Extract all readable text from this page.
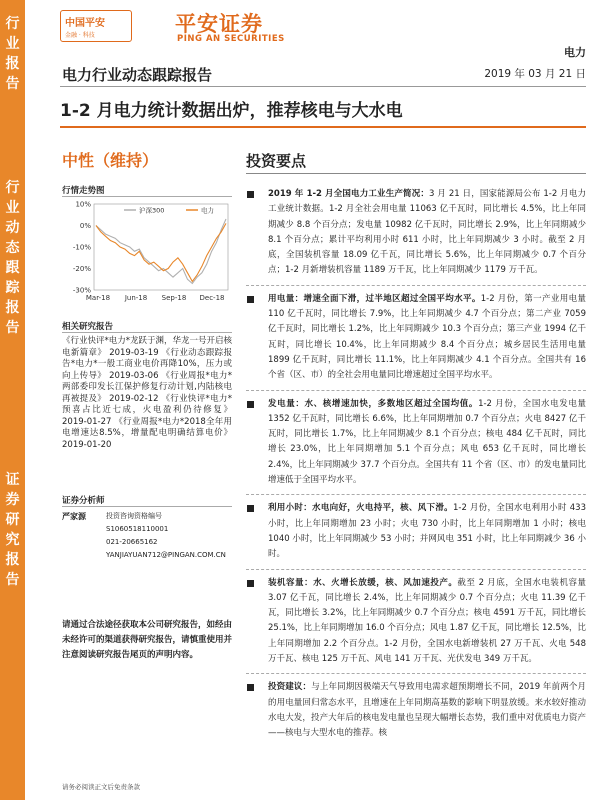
行
业
报
告
行
业
动
态
跟
踪
报
告
证
券
研
究
报
告
中国平安
金融 · 科技	平安证券
PING AN SECURITIES
电力
电力行业动态跟踪报告	2019 年 03 月 21 日
1-2 月电力统计数据出炉，推荐核电与大水电
中性（维持）
行情走势图
10%
0%
-10%
-20%
-30%
Mar-18 Jun-18 Sep-18 Dec-18
沪深300	电力
相关研究报告

《行业快评*电力*龙跃于渊，华龙一号开启核电新篇章》 2019-03-19 《行业动态跟踪报告*电力*一般工商业电价再降10%，压力或向上传导》 2019-03-06 《行业周报*电力*两部委印发长江保护修复行动计划,内陆核电再被提及》 2019-02-12 《行业快评*电力*预喜占比近七成，火电盈利仍待修复》 2019-01-27 《行业周报*电力*2018全年用电增速达8.5%，增量配电明确结算电价》 2019-01-20

证券分析师
严家源	投资咨询资格编号
S1060518110001
021-20665162
YANJIAYUAN712@PINGAN.COM.CN
请通过合法途径获取本公司研究报告，如经由未经许可的渠道获得研究报告，请慎重使用并注意阅读研究报告尾页的声明内容。
投资要点
2019 年 1-2 月全国电力工业生产简况：3 月 21 日，国家能源局公布 1-2 月电力工业统计数据。1-2 月全社会用电量 11063 亿千瓦时，同比增长 4.5%，比上年同期减少 8.8 个百分点；发电量 10982 亿千瓦时，同比增长 2.9%，比上年同期减少 8.1 个百分点；累计平均利用小时 611 小时，比上年同期减少 3 小时。截至 2 月底，全国装机容量 18.09 亿千瓦，同比增长 5.6%，比上年同期减少 0.7 个百分点；1-2 月新增装机容量 1189 万千瓦，比上年同期减少 1179 万千瓦。
用电量：增速全面下滑，过半地区超过全国平均水平。1-2 月份，第一产业用电量 110 亿千瓦时，同比增长 7.9%，比上年同期减少 4.7 个百分点；第二产业 7059 亿千瓦时，同比增长 1.2%，比上年同期减少 10.3 个百分点；第三产业 1994 亿千瓦时，同比增长 10.4%，比上年同期减少 8.4 个百分点；城乡居民生活用电量 1899 亿千瓦时，同比增长 11.1%，比上年同期减少 4.1 个百分点。全国共有 16 个省（区、市）的全社会用电量同比增速超过全国平均水平。
发电量：水、核增速加快，多数地区超过全国均值。1-2 月份，全国水电发电量 1352 亿千瓦时，同比增长 6.6%，比上年同期增加 0.7 个百分点；火电 8427 亿千瓦时，同比增长 1.7%，比上年同期减少 8.1 个百分点；核电 484 亿千瓦时，同比增长 23.0%，比上年同期增加 5.1 个百分点；风电 653 亿千瓦时，同比增长 2.4%，比上年同期减少 37.7 个百分点。全国共有 11 个省（区、市）的发电量同比增速低于全国平均水平。
利用小时：水电向好，火电持平，核、风下滑。1-2 月份，全国水电利用小时 433 小时，比上年同期增加 23 小时；火电 730 小时，比上年同期增加 1 小时；核电 1040 小时，比上年同期减少 53 小时；并网风电 351 小时，比上年同期减少 36 小时。
装机容量：水、火增长放缓，核、风加速投产。截至 2 月底，全国水电装机容量 3.07 亿千瓦，同比增长 2.4%，比上年同期减少 0.7 个百分点；火电 11.39 亿千瓦，同比增长 3.2%，比上年同期减少 0.7 个百分点；核电 4591 万千瓦，同比增长 25.1%，比上年同期增加 16.0 个百分点；风电 1.87 亿千瓦，同比增长 12.5%，比上年同期增加 2.2 个百分点。1-2 月份，全国水电新增装机 27 万千瓦、火电 548 万千瓦、核电 125 万千瓦、风电 141 万千瓦、光伏发电 349 万千瓦。
投资建议：与上年同期因极端天气导致用电需求超预期增长不同，2019 年前两个月的用电量回归常态水平，且增速在上年同期高基数的影响下明显放缓。来水较好推动水电大发，投产大年后的核电发电量也呈现大幅增长态势，我们重申对优质电力资产——核电与大型水电的推荐。核
请务必阅读正文后免责条款
